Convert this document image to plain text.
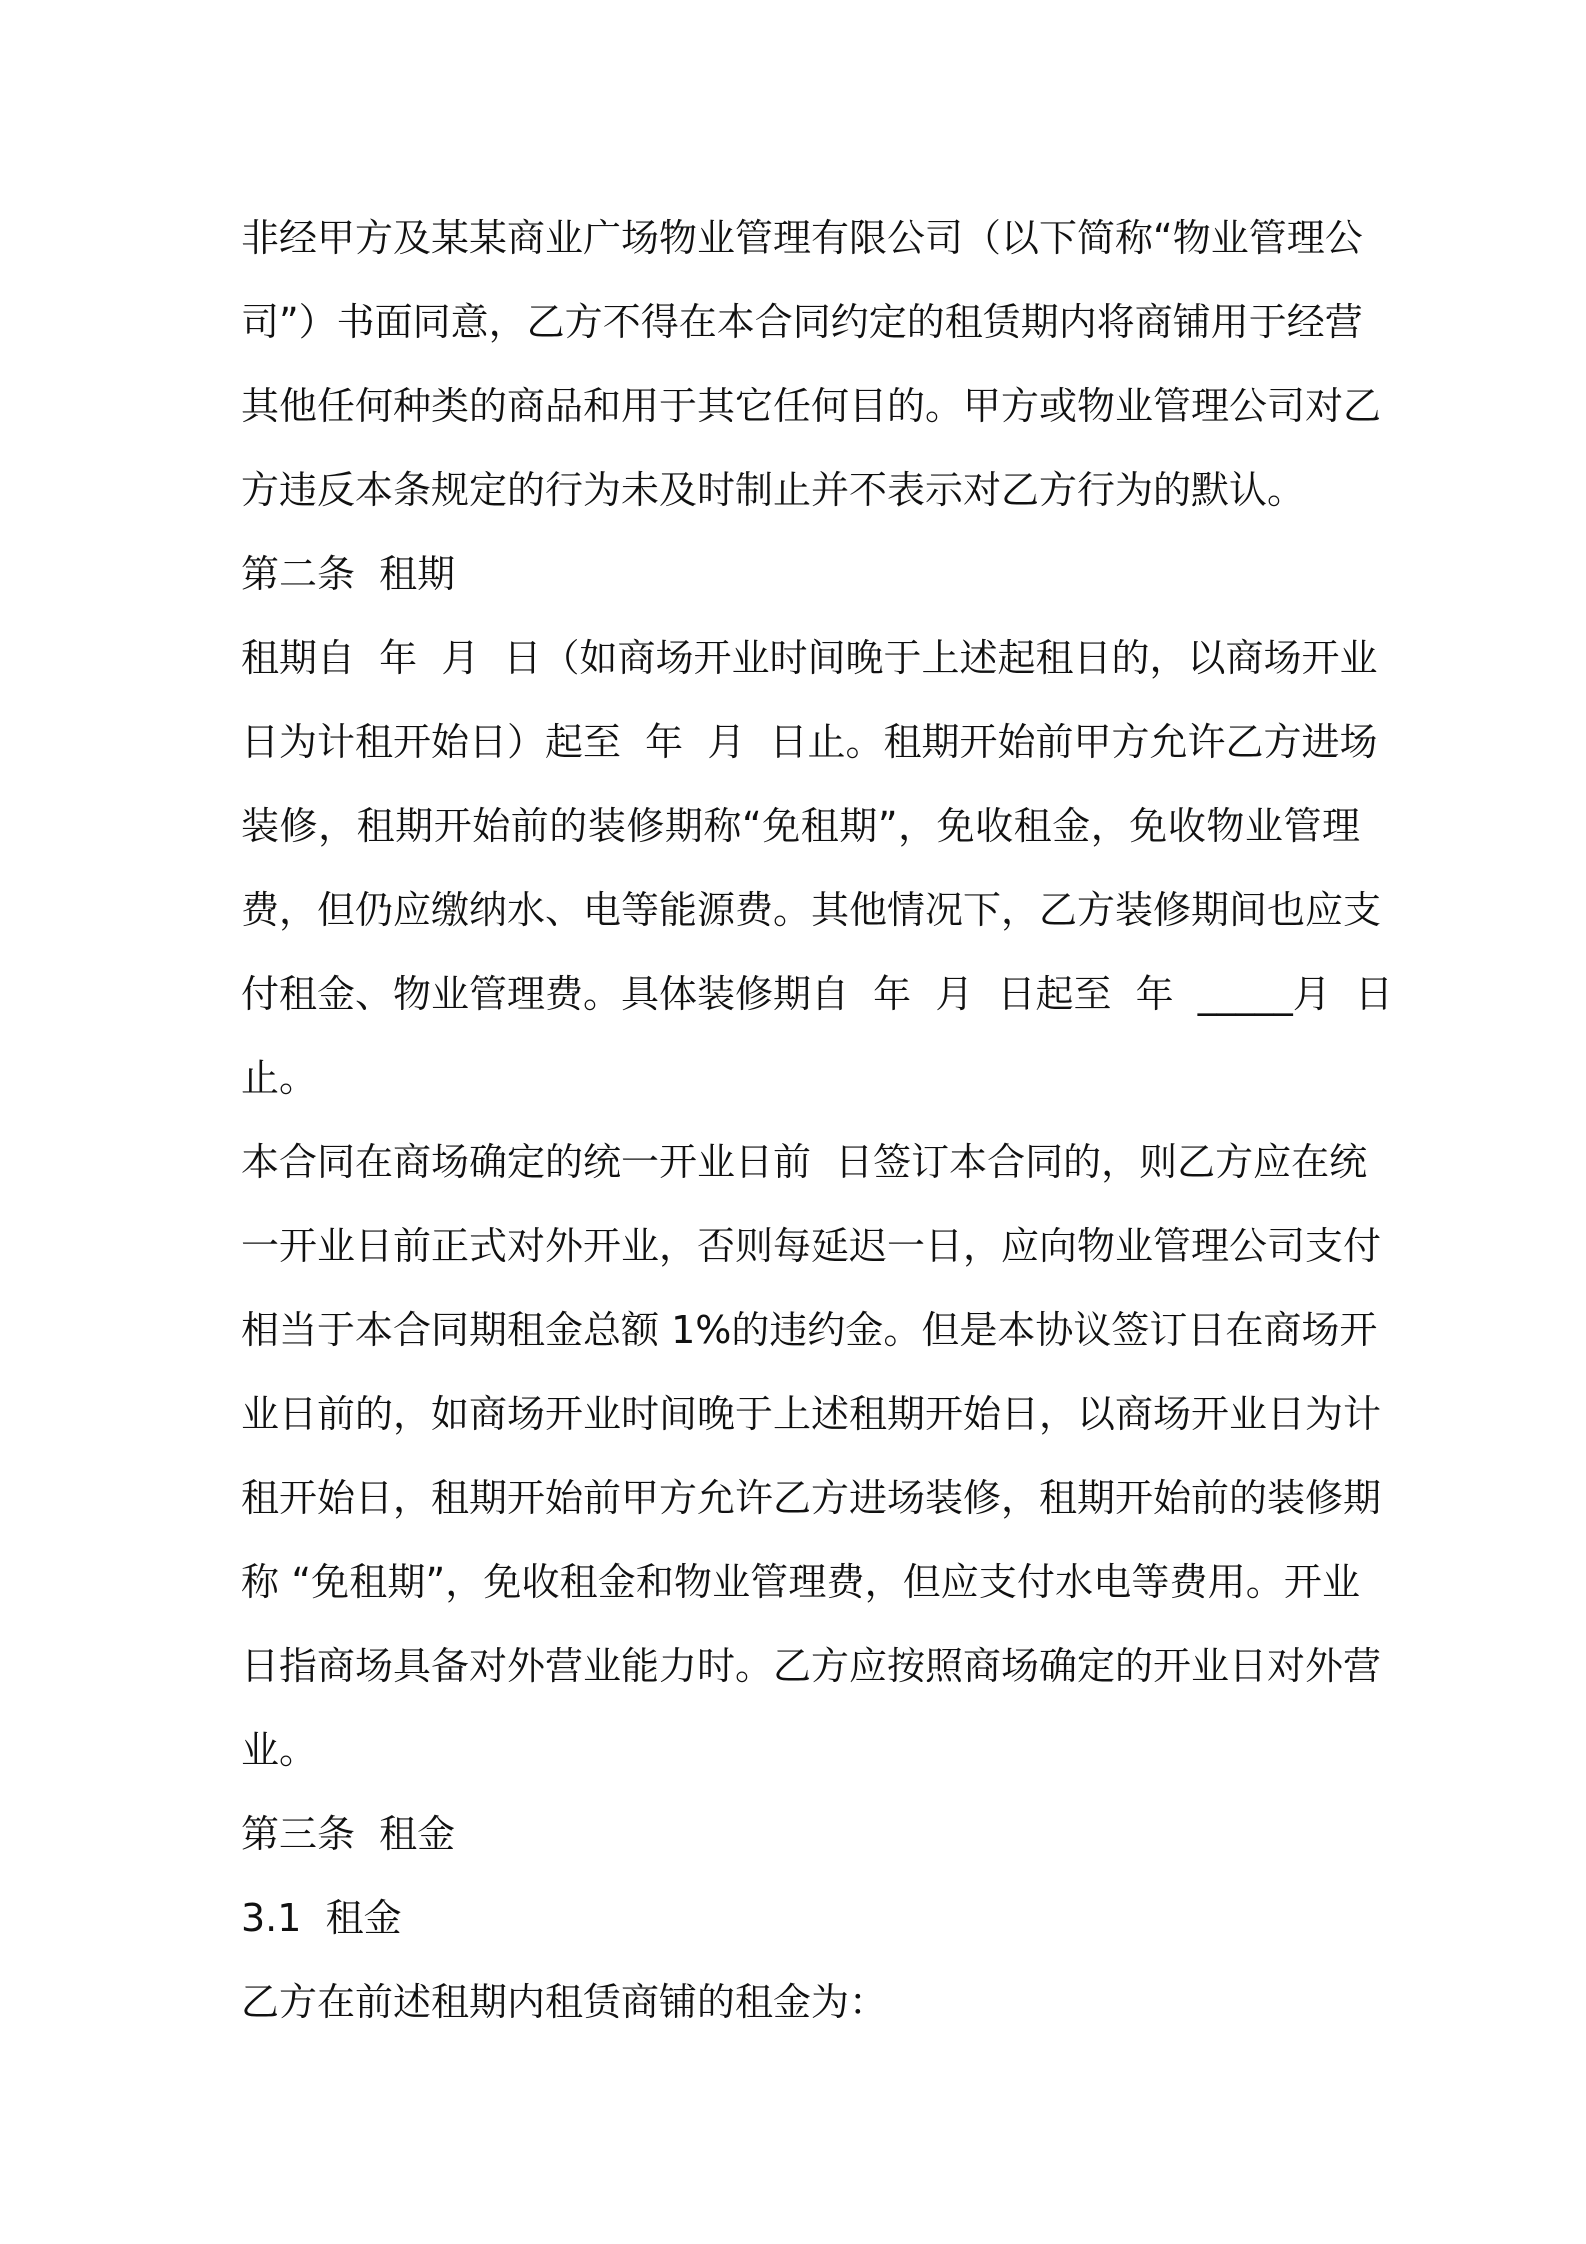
非经甲方及某某商业广场物业管理有限公司（以下简称“物业管理公
司”）书面同意，乙方不得在本合同约定的租赁期内将商铺用于经营
其他任何种类的商品和用于其它任何目的。甲方或物业管理公司对乙
方违反本条规定的行为未及时制止并不表示对乙方行为的默认。
第二条  租期
租期自  年  月  日（如商场开业时间晚于上述起租日的，以商场开业
日为计租开始日）起至  年  月  日止。租期开始前甲方允许乙方进场
装修，租期开始前的装修期称“免租期”，免收租金，免收物业管理
费，但仍应缴纳水、电等能源费。其他情况下，乙方装修期间也应支
付租金、物业管理费。具体装修期自  年  月  日起至  年  _____月  日
止。
本合同在商场确定的统一开业日前  日签订本合同的，则乙方应在统
一开业日前正式对外开业，否则每延迟一日，应向物业管理公司支付
相当于本合同期租金总额 1%的违约金。但是本协议签订日在商场开
业日前的，如商场开业时间晚于上述租期开始日，以商场开业日为计
租开始日，租期开始前甲方允许乙方进场装修，租期开始前的装修期
称 “免租期”，免收租金和物业管理费，但应支付水电等费用。开业
日指商场具备对外营业能力时。乙方应按照商场确定的开业日对外营
业。
第三条  租金
3.1  租金
乙方在前述租期内租赁商铺的租金为：
